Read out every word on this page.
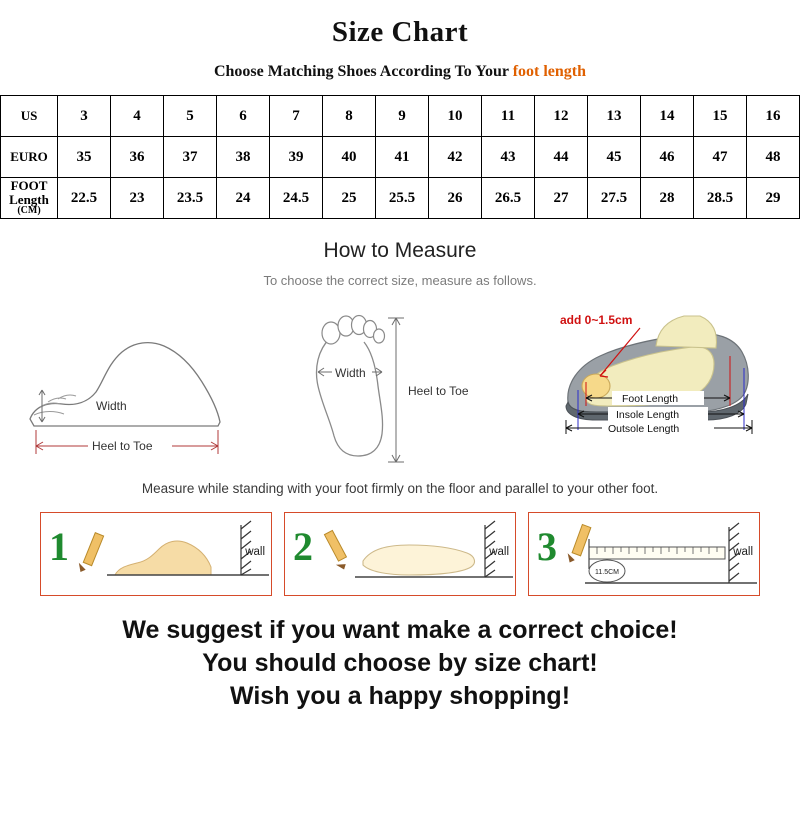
Size Chart
Choose Matching Shoes According To Your foot length
US	3	4	5	6	7	8	9	10	11	12	13	14	15	16
EURO	35	36	37	38	39	40	41	42	43	44	45	46	47	48
FOOT Length
(CM)	22.5	23	23.5	24	24.5	25	25.5	26	26.5	27	27.5	28	28.5	29
How to Measure
To choose the correct size, measure as follows.
Width
Heel to Toe
Width
Heel to Toe
add 0~1.5cm
Foot Length
Insole Length
Outsole Length
Measure while standing with your foot firmly on the floor and parallel to your other foot.
1	wall 2	wall 3
11.5CM
wall
We suggest if you want make a correct choice!
You should choose by size chart!
Wish you a happy shopping!
